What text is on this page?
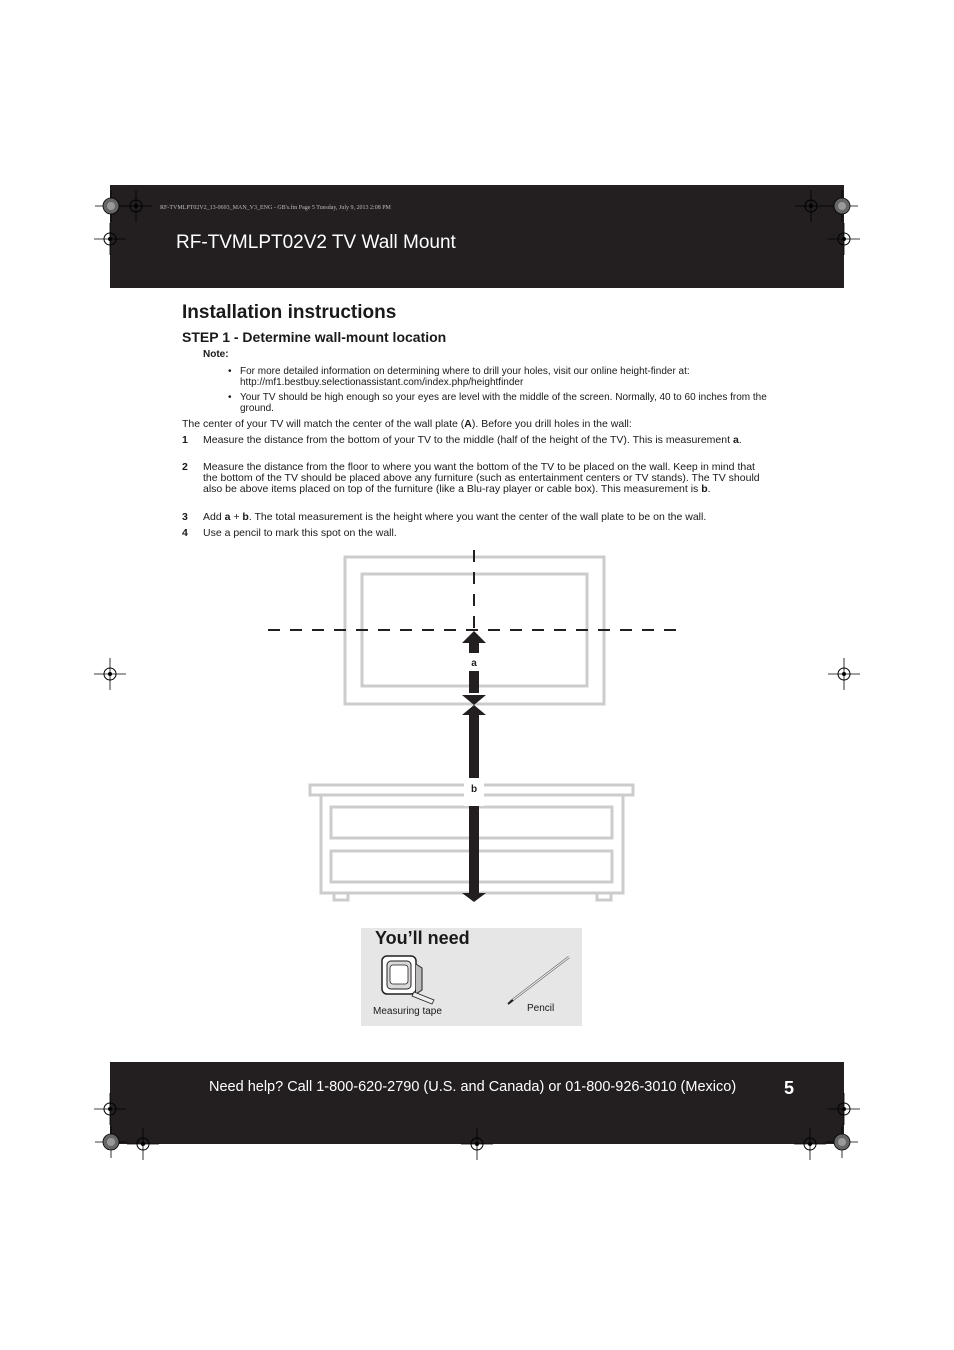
RF-TVMLPT02V2_13-0693_MAN_V3_ENG - GB's.fm Page 5 Tuesday, July 9, 2013 2:08 PM
RF-TVMLPT02V2 TV Wall Mount
Installation instructions
STEP 1 - Determine wall-mount location
Note:
• For more detailed information on determining where to drill your holes, visit our online height-finder at: http://mf1.bestbuy.selectionassistant.com/index.php/heightfinder
• Your TV should be high enough so your eyes are level with the middle of the screen. Normally, 40 to 60 inches from the ground.
The center of your TV will match the center of the wall plate (A). Before you drill holes in the wall:
1 Measure the distance from the bottom of your TV to the middle (half of the height of the TV). This is measurement a.
2 Measure the distance from the floor to where you want the bottom of the TV to be placed on the wall. Keep in mind that the bottom of the TV should be placed above any furniture (such as entertainment centers or TV stands). The TV should also be above items placed on top of the furniture (like a Blu-ray player or cable box). This measurement is b.
3 Add a + b. The total measurement is the height where you want the center of the wall plate to be on the wall.
4 Use a pencil to mark this spot on the wall.
a
b
You’ll need
Measuring tape	Pencil
Need help? Call 1-800-620-2790 (U.S. and Canada) or 01-800-926-3010 (Mexico)	5
